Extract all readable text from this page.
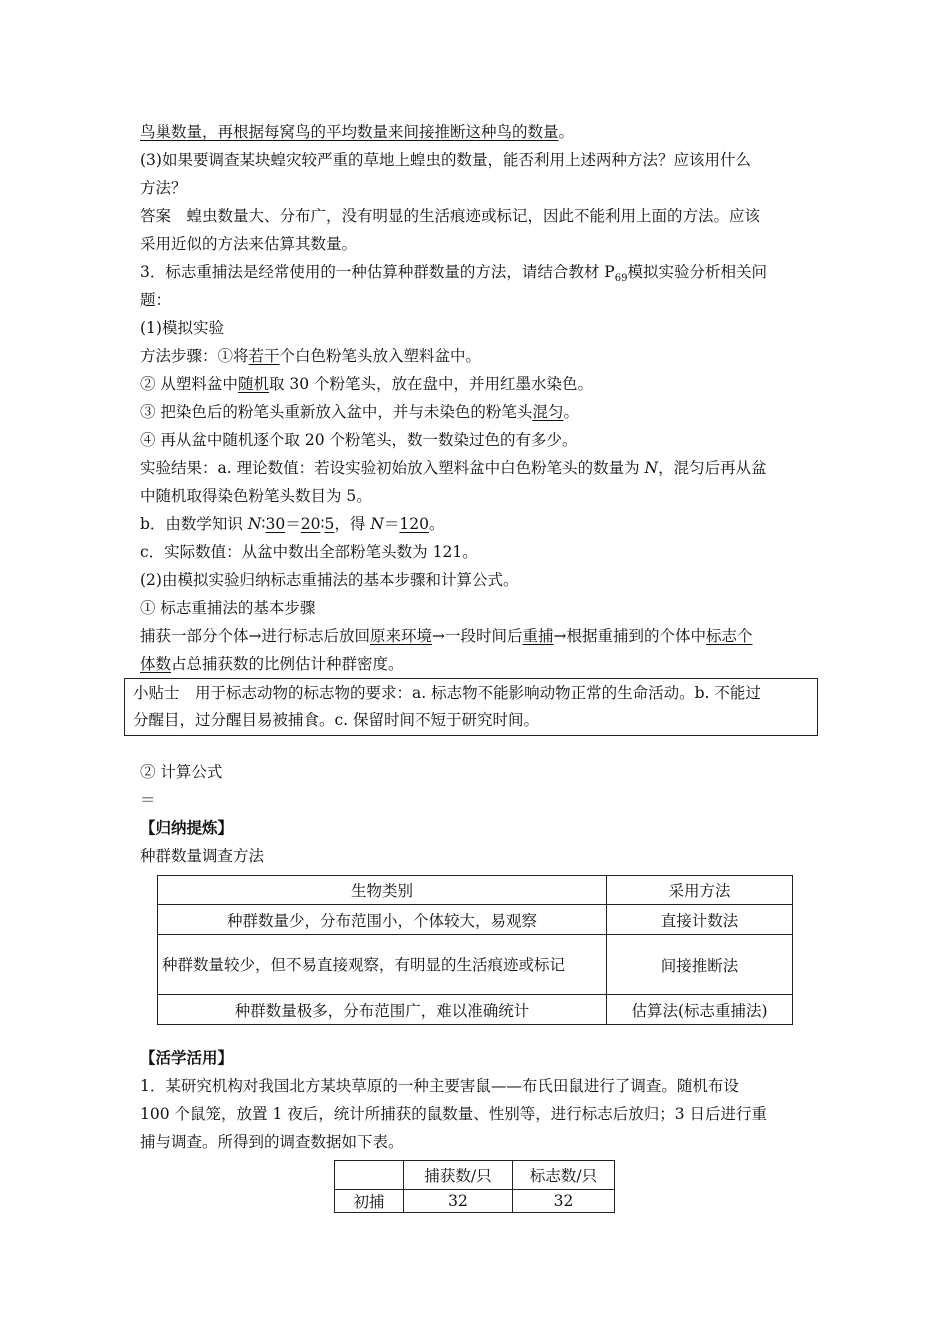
鸟巢数量，再根据每窝鸟的平均数量来间接推断这种鸟的数量。
(3)如果要调查某块蝗灾较严重的草地上蝗虫的数量，能否利用上述两种方法？应该用什么
方法？
答案　蝗虫数量大、分布广，没有明显的生活痕迹或标记，因此不能利用上面的方法。应该
采用近似的方法来估算其数量。
3．标志重捕法是经常使用的一种估算种群数量的方法，请结合教材 $P_{69}$模拟实验分析相关问
题：
(1)模拟实验
方法步骤：①将若干个白色粉笔头放入塑料盆中。
② 从塑料盆中随机取 30 个粉笔头，放在盘中，并用红墨水染色。
③ 把染色后的粉笔头重新放入盆中，并与未染色的粉笔头混匀。
④ 再从盆中随机逐个取 20 个粉笔头，数一数染过色的有多少。
实验结果：a. 理论数值：若设实验初始放入塑料盆中白色粉笔头的数量为 N，混匀后再从盆
中随机取得染色粉笔头数目为 5。
b．由数学知识 N∶30＝20∶5，得 N＝120。
c．实际数值：从盆中数出全部粉笔头数为 121。
(2)由模拟实验归纳标志重捕法的基本步骤和计算公式。
① 标志重捕法的基本步骤
捕获一部分个体→进行标志后放回原来环境→一段时间后重捕→根据重捕到的个体中标志个
体数占总捕获数的比例估计种群密度。
小贴士　用于标志动物的标志物的要求：a. 标志物不能影响动物正常的生命活动。b. 不能过
分醒目，过分醒目易被捕食。c. 保留时间不短于研究时间。
② 计算公式
＝
【归纳提炼】
种群数量调查方法
生物类别	采用方法
种群数量少，分布范围小，个体较大，易观察	直接计数法
种群数量较少，但不易直接观察，有明显的生活痕迹或标记	间接推断法
种群数量极多，分布范围广，难以准确统计	估算法(标志重捕法)
【活学活用】
1．某研究机构对我国北方某块草原的一种主要害鼠——布氏田鼠进行了调查。随机布设
100 个鼠笼，放置 1 夜后，统计所捕获的鼠数量、性别等，进行标志后放归；3 日后进行重
捕与调查。所得到的调查数据如下表。
	捕获数/只	标志数/只
初捕	32	32
